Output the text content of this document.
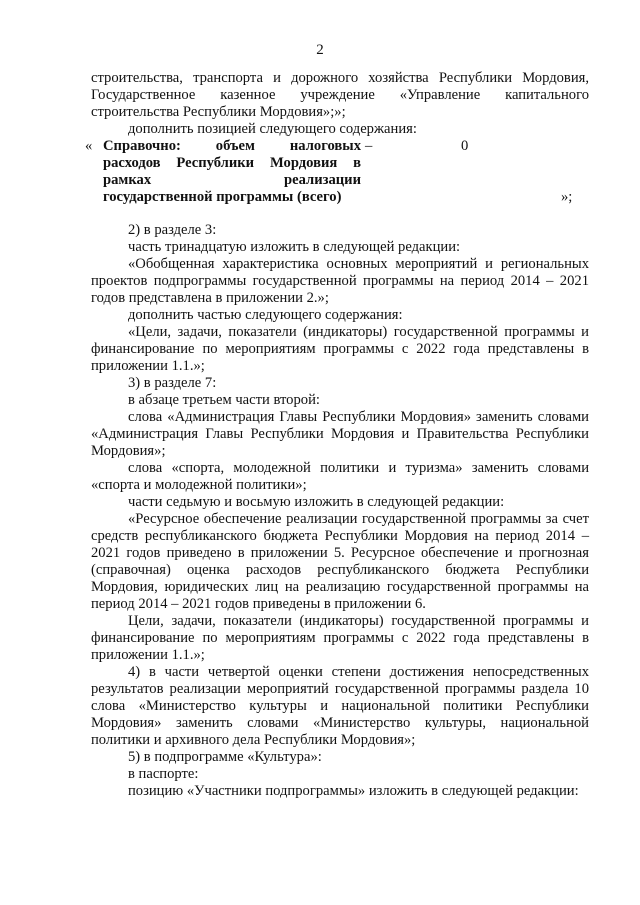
2

строительства, транспорта и дорожного хозяйства Республики Мордовия, Государственное казенное учреждение «Управление капитального строительства Республики Мордовия»;»;

дополнить позицией следующего содержания:

« Справочно: объем налоговых
расходов Республики Мордовия в
рамках реализации
государственной программы (всего)
–	0
»;

2) в разделе 3:

часть тринадцатую изложить в следующей редакции:

«Обобщенная характеристика основных мероприятий и региональных проектов подпрограммы государственной программы на период 2014 – 2021 годов представлена в приложении 2.»;

дополнить частью следующего содержания:

«Цели, задачи, показатели (индикаторы) государственной программы и финансирование по мероприятиям программы с 2022 года представлены в приложении 1.1.»;

3) в разделе 7:

в абзаце третьем части второй:

слова «Администрация Главы Республики Мордовия» заменить словами «Администрация Главы Республики Мордовия и Правительства Республики Мордовия»;

слова «спорта, молодежной политики и туризма» заменить словами «спорта и молодежной политики»;

части седьмую и восьмую изложить в следующей редакции:

«Ресурсное обеспечение реализации государственной программы за счет средств республиканского бюджета Республики Мордовия на период 2014 – 2021 годов приведено в приложении 5. Ресурсное обеспечение и прогнозная (справочная) оценка расходов республиканского бюджета Республики Мордовия, юридических лиц на реализацию государственной программы на период 2014 – 2021 годов приведены в приложении 6.

Цели, задачи, показатели (индикаторы) государственной программы и финансирование по мероприятиям программы с 2022 года представлены в приложении 1.1.»;

4) в части четвертой оценки степени достижения непосредственных результатов реализации мероприятий государственной программы раздела 10 слова «Министерство культуры и национальной политики Республики Мордовия» заменить словами «Министерство культуры, национальной политики и архивного дела Республики Мордовия»;

5) в подпрограмме «Культура»:

в паспорте:

позицию «Участники подпрограммы» изложить в следующей редакции:
